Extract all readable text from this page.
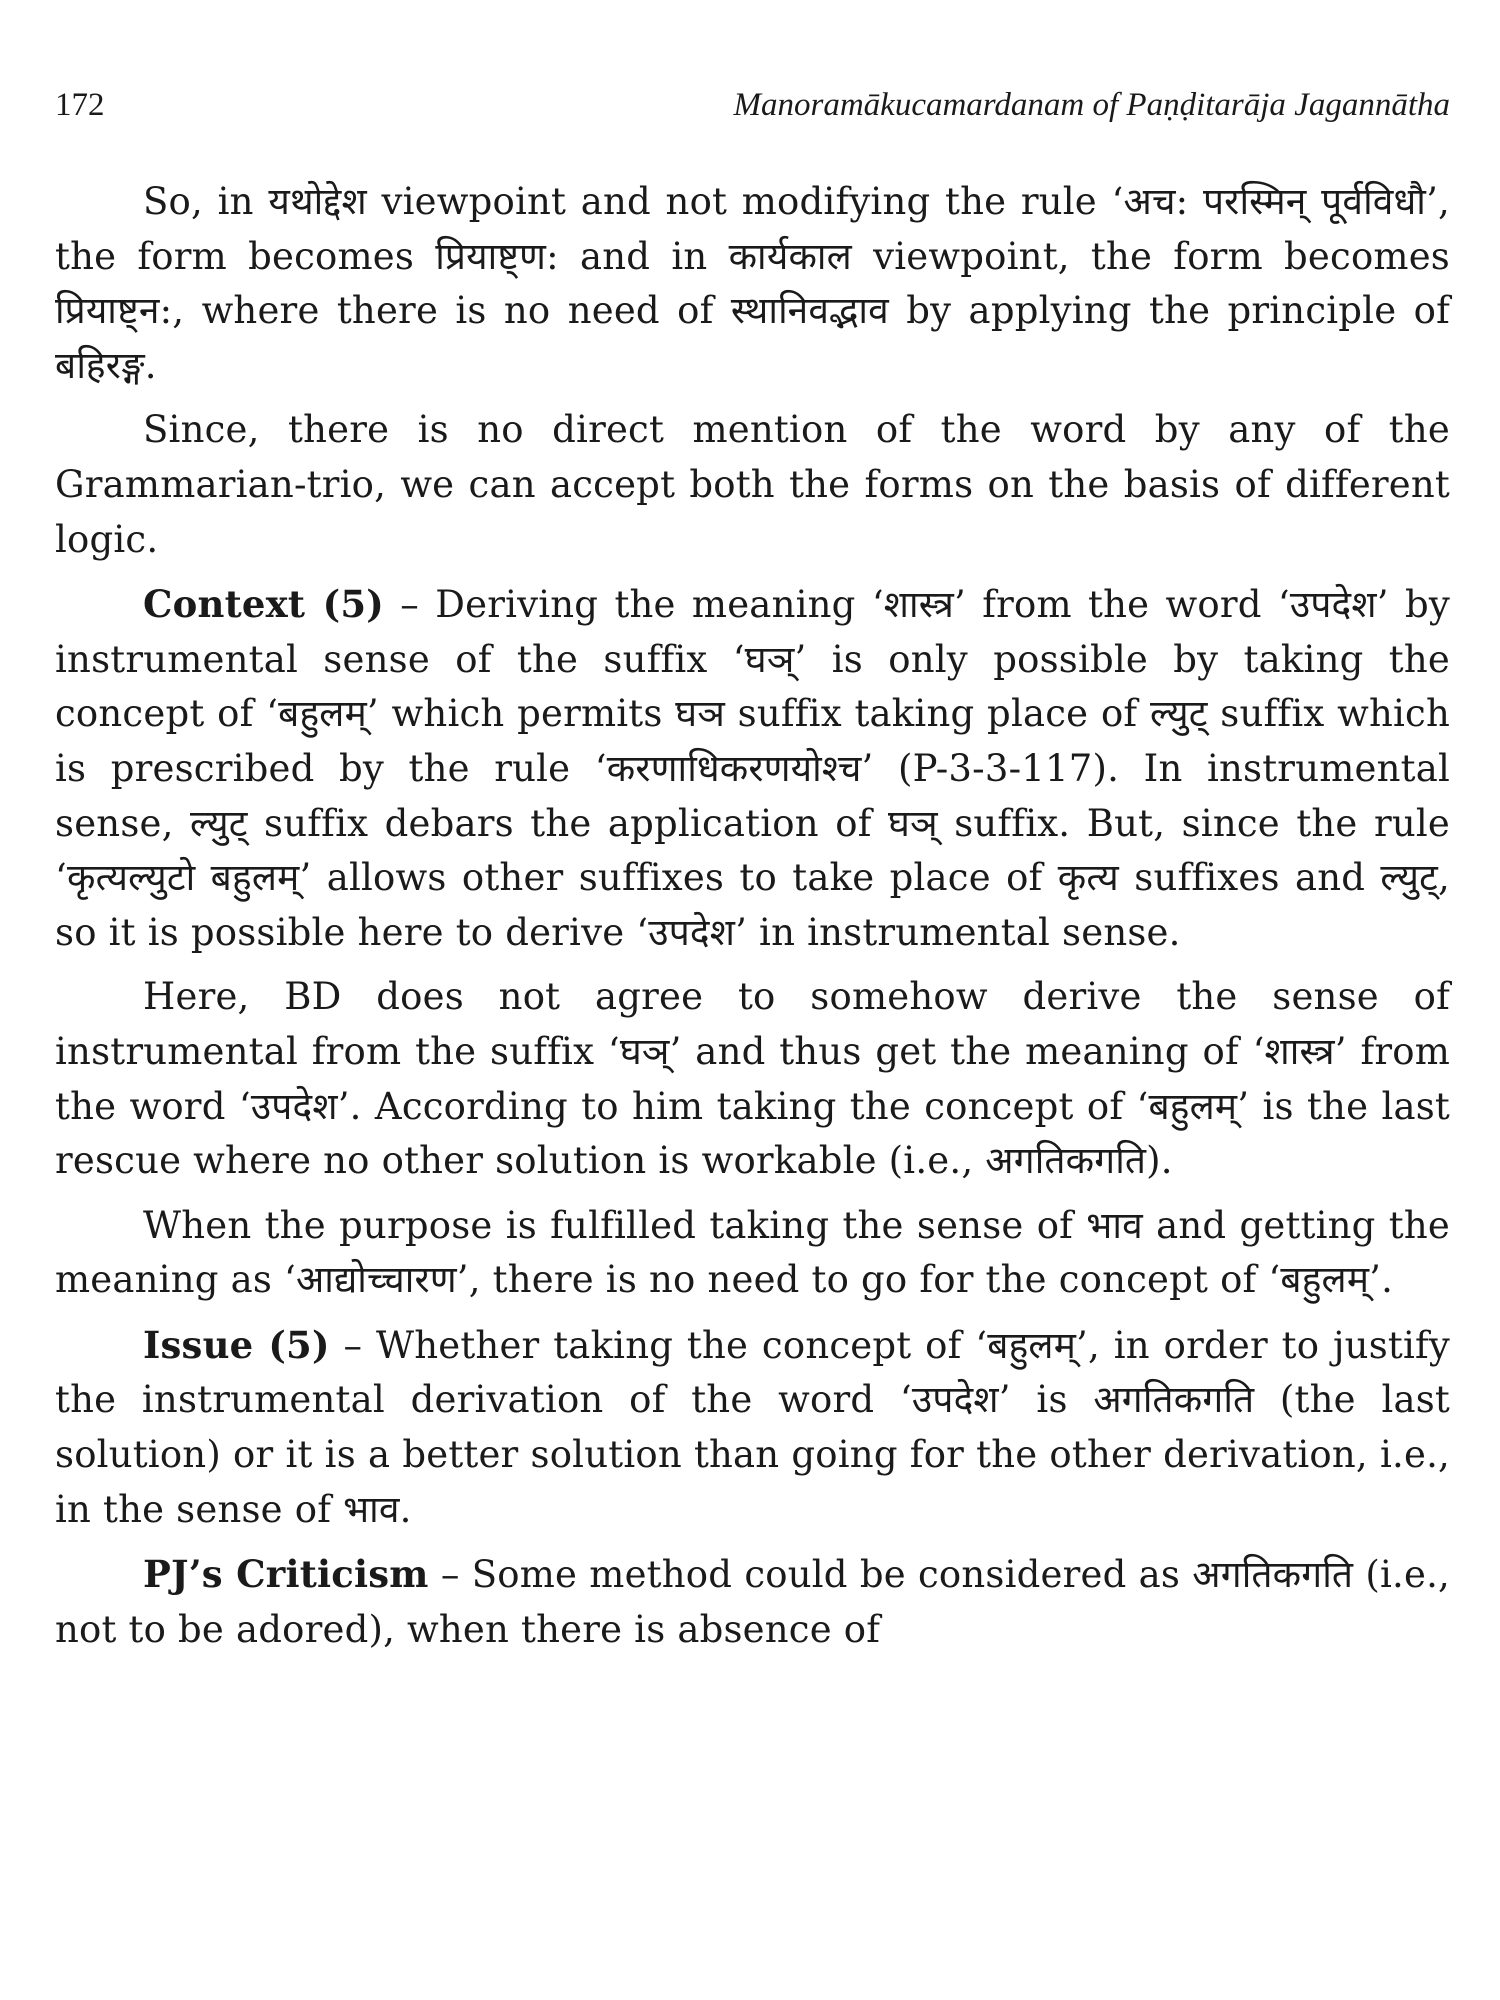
172	Manoramākucamardanam of Paṇḍitarāja Jagannātha

So, in यथोद्देश viewpoint and not modifying the rule ‘अच: परस्मिन् पूर्वविधौ’, the form becomes प्रियाष्ट्ण: and in कार्यकाल viewpoint, the form becomes प्रियाष्ट्न:, where there is no need of स्थानिवद्भाव by applying the principle of बहिरङ्ग.

Since, there is no direct mention of the word by any of the Grammarian-trio, we can accept both the forms on the basis of different logic.

Context (5) – Deriving the meaning ‘शास्त्र’ from the word ‘उपदेश’ by instrumental sense of the suffix ‘घञ्’ is only possible by taking the concept of ‘बहुलम्’ which permits घञ suffix taking place of ल्युट् suffix which is prescribed by the rule ‘करणाधिकरणयोश्च’ (P-3-3-117). In instrumental sense, ल्युट् suffix debars the application of घञ् suffix. But, since the rule ‘कृत्यल्युटो बहुलम्’ allows other suffixes to take place of कृत्य suffixes and ल्युट्, so it is possible here to derive ‘उपदेश’ in instrumental sense.

Here, BD does not agree to somehow derive the sense of instrumental from the suffix ‘घञ्’ and thus get the meaning of ‘शास्त्र’ from the word ‘उपदेश’. According to him taking the concept of ‘बहुलम्’ is the last rescue where no other solution is workable (i.e., अगतिकगति).

When the purpose is fulfilled taking the sense of भाव and getting the meaning as ‘आद्योच्चारण’, there is no need to go for the concept of ‘बहुलम्’.

Issue (5) – Whether taking the concept of ‘बहुलम्’, in order to justify the instrumental derivation of the word ‘उपदेश’ is अगतिकगति (the last solution) or it is a better solution than going for the other derivation, i.e., in the sense of भाव.

PJ’s Criticism – Some method could be considered as अगतिकगति (i.e., not to be adored), when there is absence of
